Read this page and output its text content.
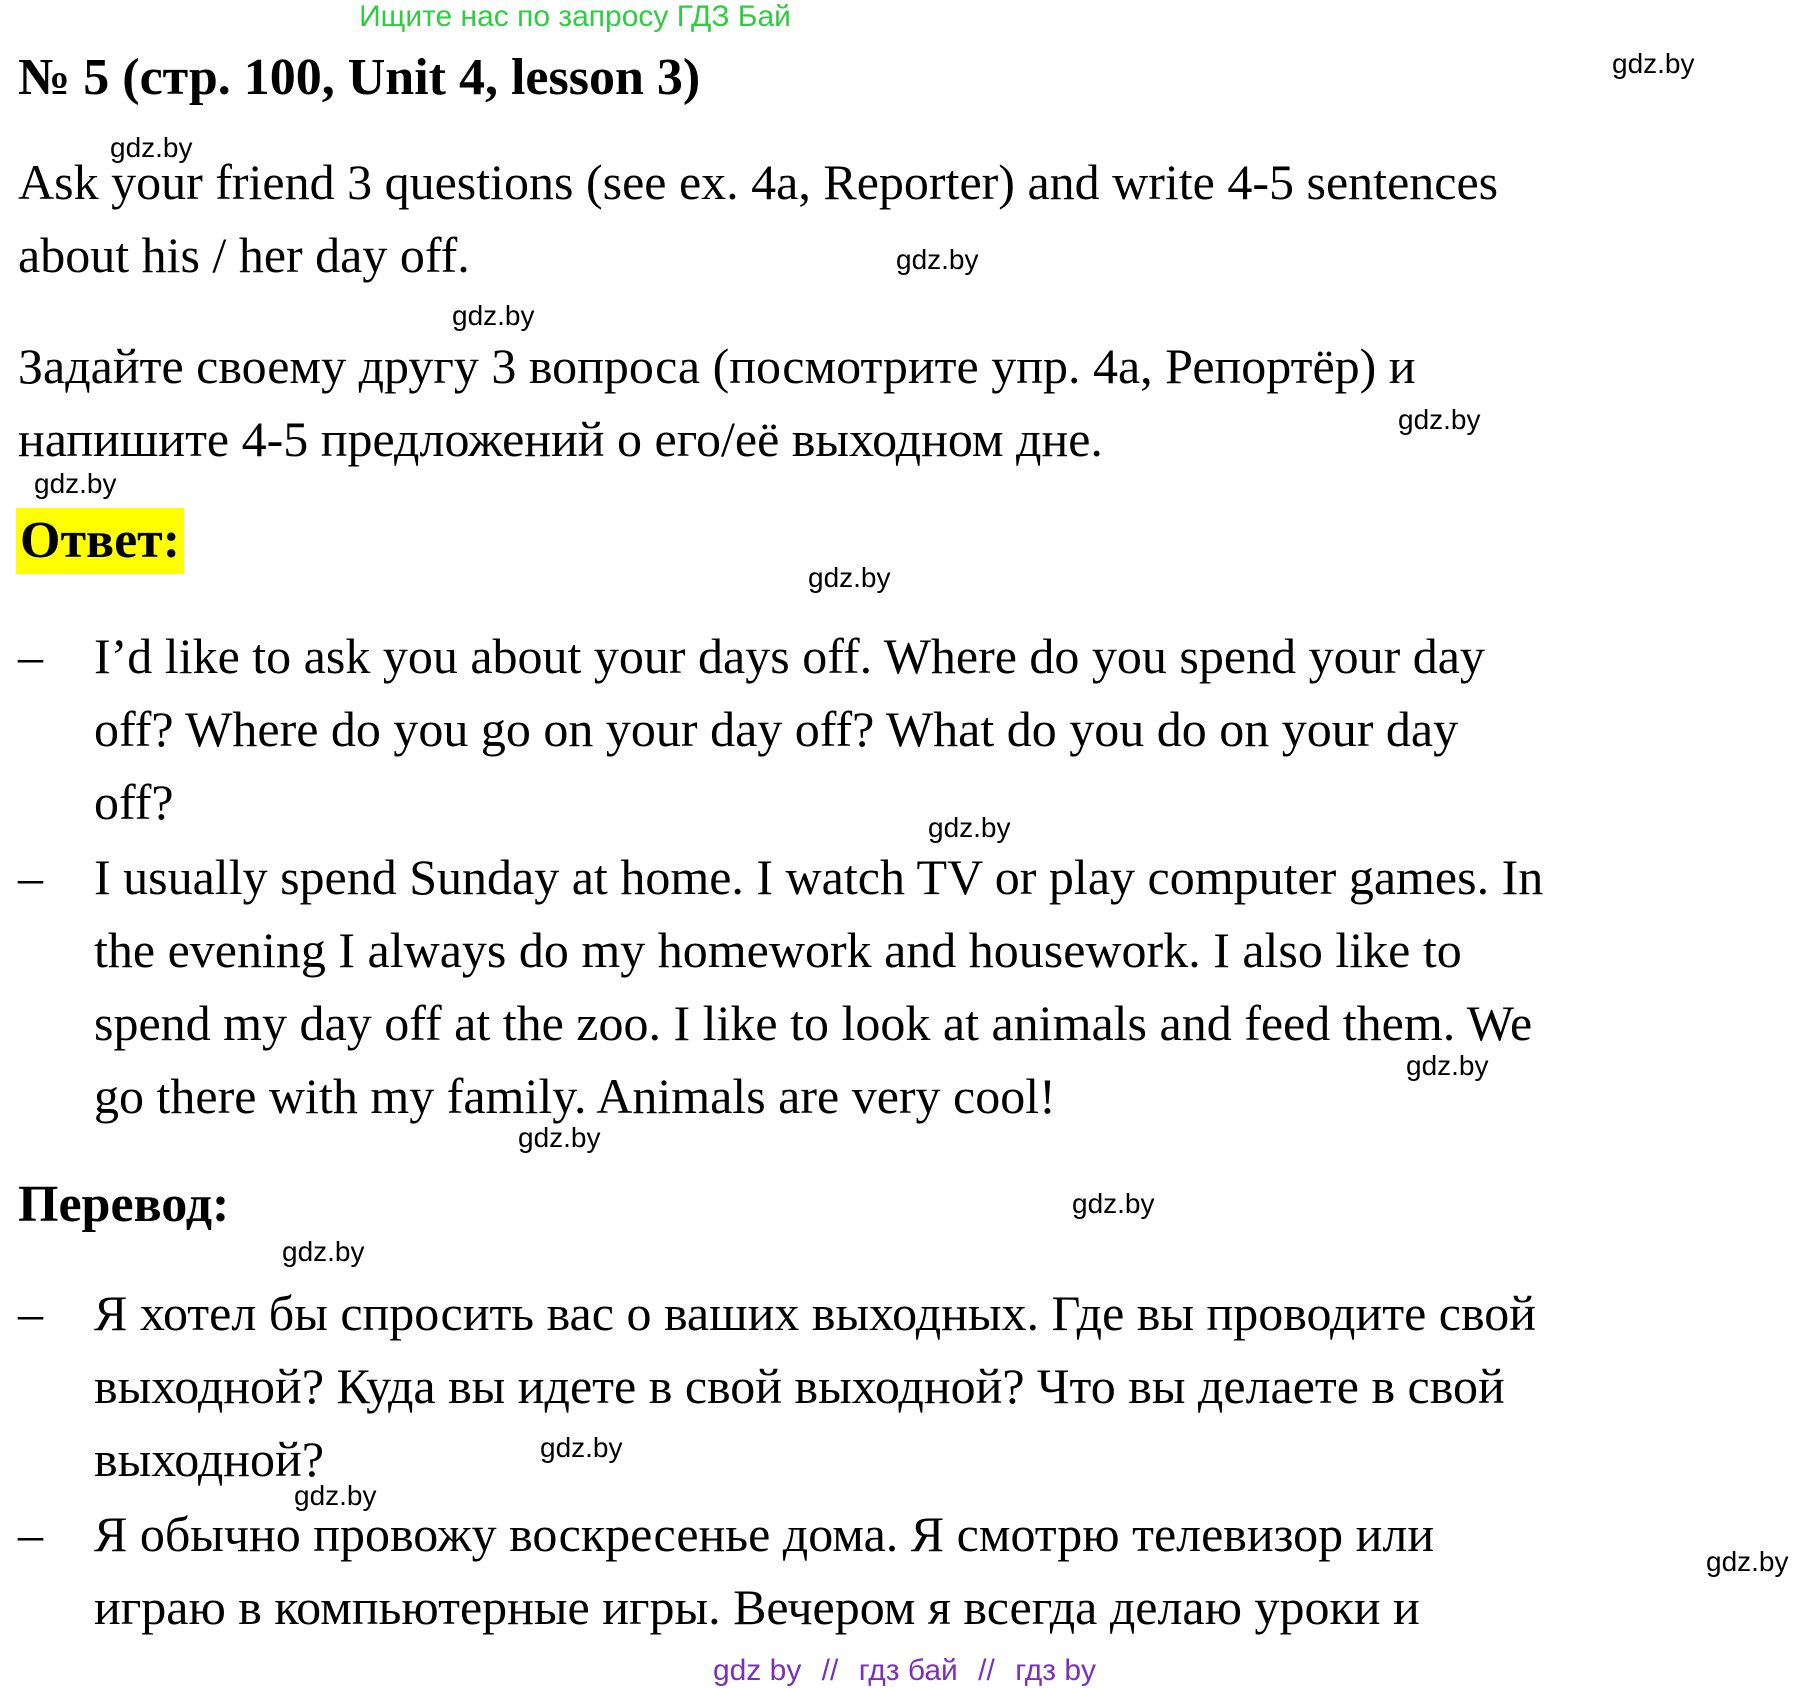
Ищите нас по запросу ГДЗ Бай
№ 5 (стр. 100, Unit 4, lesson 3)
Ask your friend 3 questions (see ex. 4a, Reporter) and write 4-5 sentences
about his / her day off.
Задайте своему другу 3 вопроса (посмотрите упр. 4а, Репортёр) и
напишите 4-5 предложений о его/её выходном дне.
Ответ:
– I’d like to ask you about your days off. Where do you spend your day
off? Where do you go on your day off? What do you do on your day
off?
– I usually spend Sunday at home. I watch TV or play computer games. In
the evening I always do my homework and housework. I also like to
spend my day off at the zoo. I like to look at animals and feed them. We
go there with my family. Animals are very cool!
Перевод:
– Я хотел бы спросить вас о ваших выходных. Где вы проводите свой
выходной? Куда вы идете в свой выходной? Что вы делаете в свой
выходной?
– Я обычно провожу воскресенье дома. Я смотрю телевизор или
играю в компьютерные игры. Вечером я всегда делаю уроки и
gdz.by
gdz.by
gdz.by
gdz.by
gdz.by
gdz.by
gdz.by
gdz.by
gdz.by
gdz.by
gdz.by
gdz.by
gdz.by
gdz.by
gdz.by
gdz by // гдз бай // гдз by
